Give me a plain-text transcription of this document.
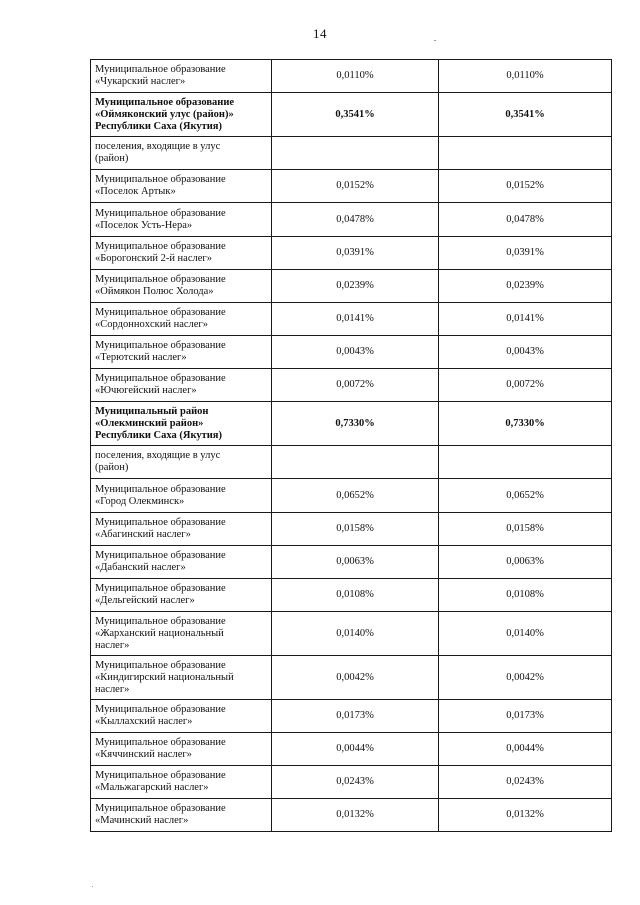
14
Муниципальное образование
«Чукарский наслег»	0,0110%	0,0110%

Муниципальное образование
«Оймяконский улус (район)»
Республики Саха (Якутия)	0,3541%	0,3541%

поселения, входящие в улус
(район)		

Муниципальное образование
«Поселок Артык»	0,0152%	0,0152%

Муниципальное образование
«Поселок Усть-Нера»	0,0478%	0,0478%

Муниципальное образование
«Борогонский 2-й наслег»	0,0391%	0,0391%

Муниципальное образование
«Оймякон Полюс Холода»	0,0239%	0,0239%

Муниципальное образование
«Сордонноxский наслег»	0,0141%	0,0141%

Муниципальное образование
«Терютский наслег»	0,0043%	0,0043%

Муниципальное образование
«Ючюгейский наслег»	0,0072%	0,0072%

Муниципальный район
«Олекминский район»
Республики Саха (Якутия)	0,7330%	0,7330%

поселения, входящие в улус
(район)		

Муниципальное образование
«Город Олекминск»	0,0652%	0,0652%

Муниципальное образование
«Абагинский наслег»	0,0158%	0,0158%

Муниципальное образование
«Дабанский наслег»	0,0063%	0,0063%

Муниципальное образование
«Дельгейский наслег»	0,0108%	0,0108%

Муниципальное образование
«Жарханский национальный
наслег»	0,0140%	0,0140%

Муниципальное образование
«Киндигирский национальный
наслег»	0,0042%	0,0042%

Муниципальное образование
«Кыллахский наслег»	0,0173%	0,0173%

Муниципальное образование
«Кяччинский наслег»	0,0044%	0,0044%

Муниципальное образование
«Мальжагарский наслег»	0,0243%	0,0243%

Муниципальное образование
«Мачинский наслег»	0,0132%	0,0132%
